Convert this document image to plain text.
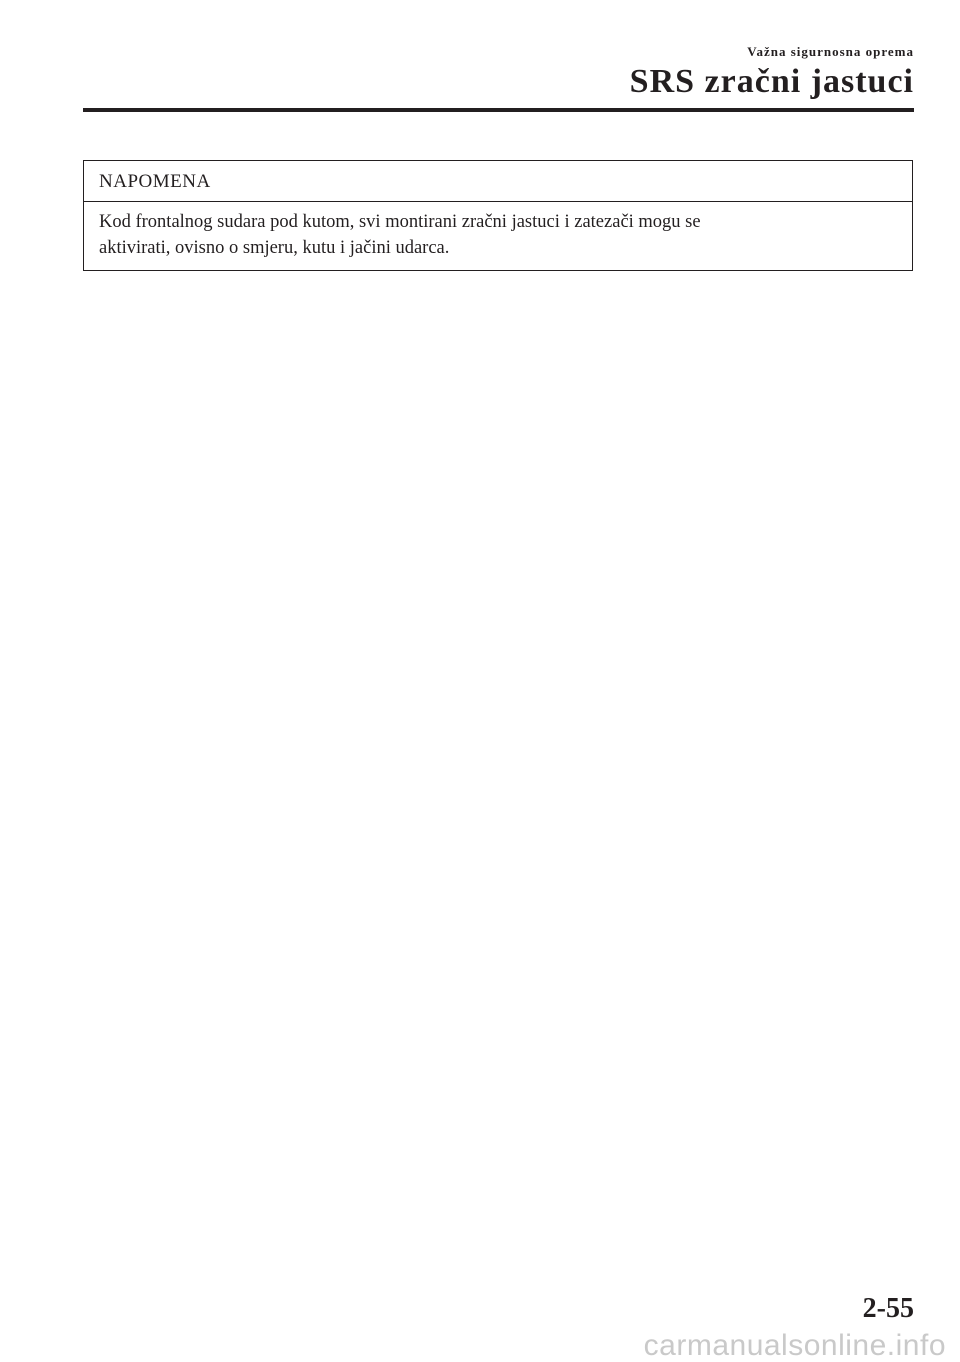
Važna sigurnosna oprema
SRS zračni jastuci
NAPOMENA
Kod frontalnog sudara pod kutom, svi montirani zračni jastuci i zatezači mogu se
aktivirati, ovisno o smjeru, kutu i jačini udarca.
2-55
carmanualsonline.info
